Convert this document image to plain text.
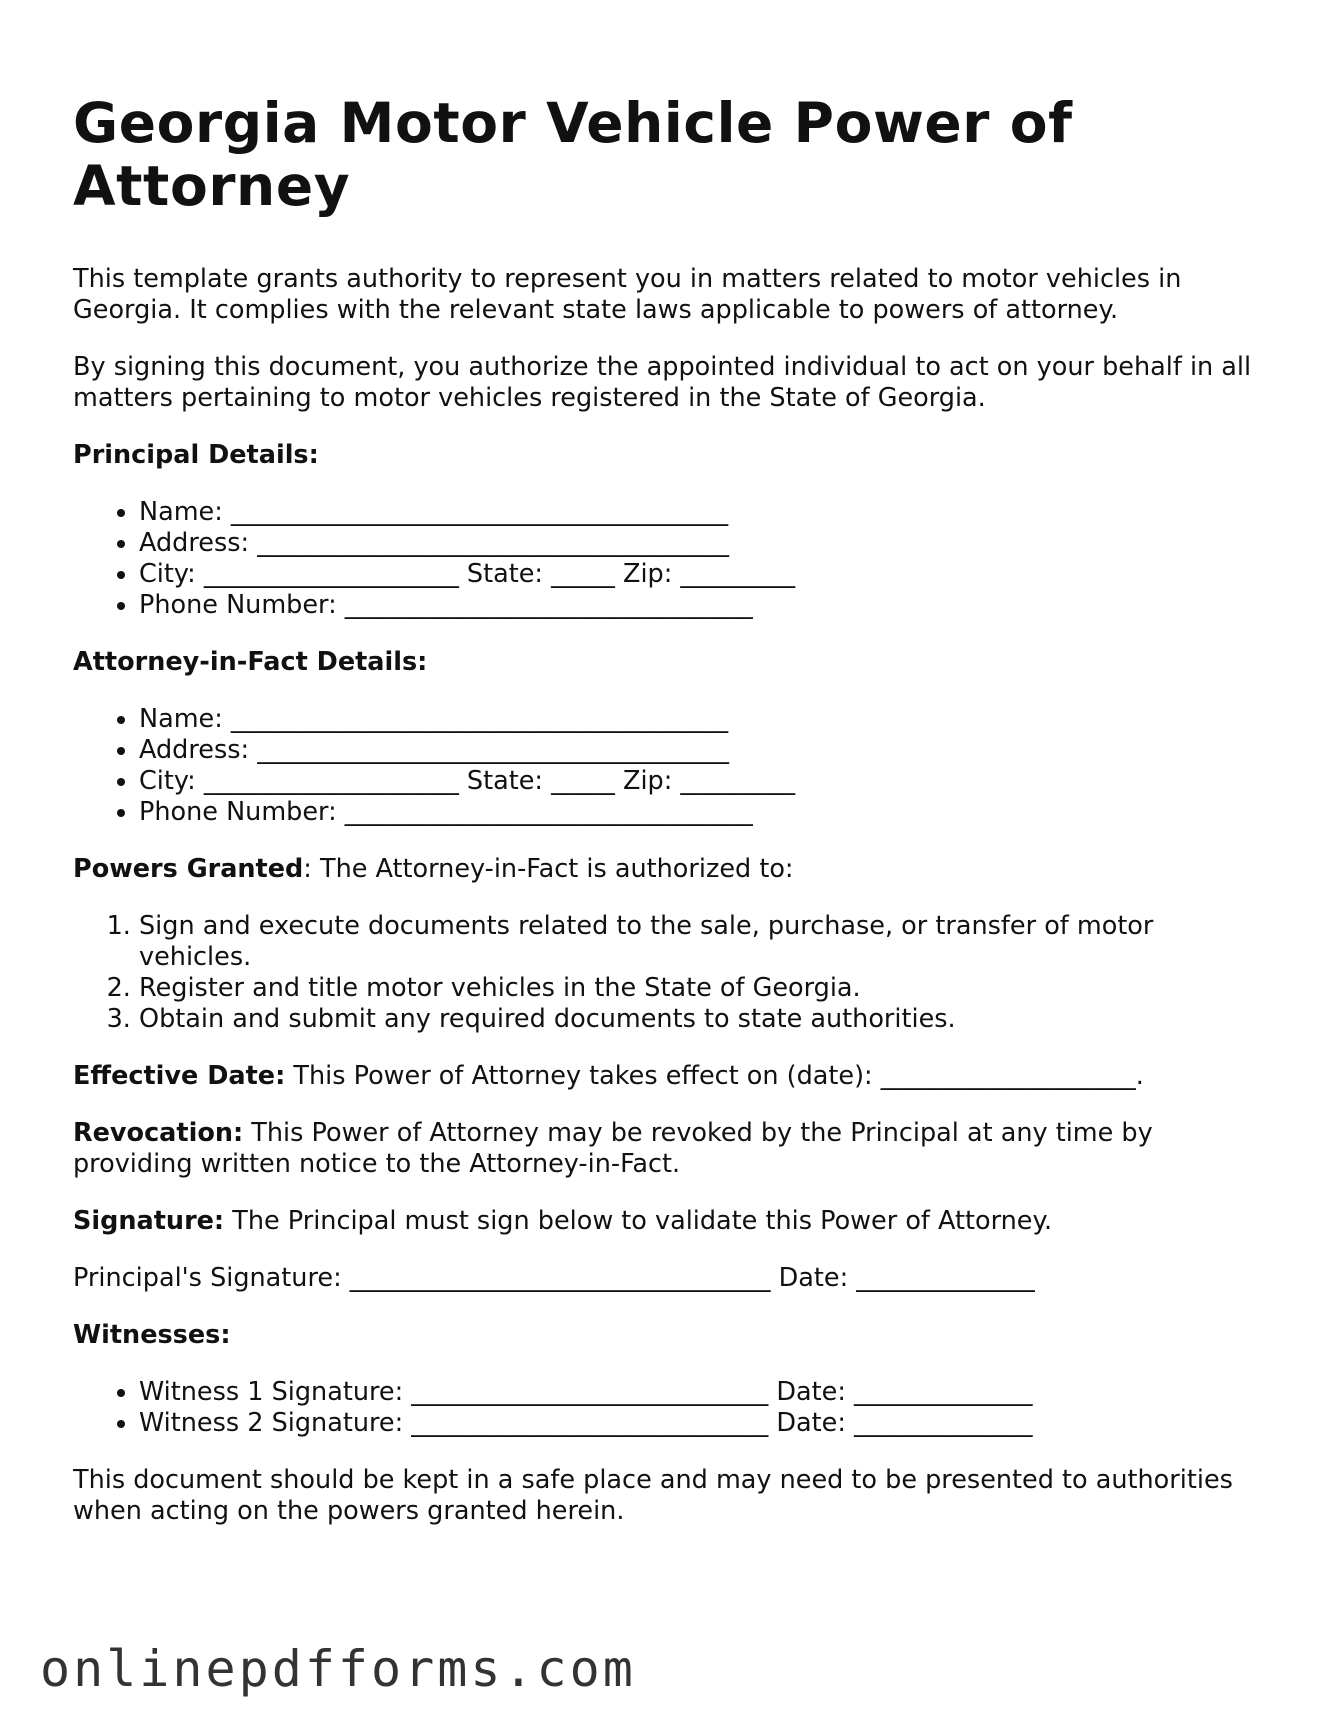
Georgia Motor Vehicle Power of Attorney

This template grants authority to represent you in matters related to motor vehicles in Georgia. It complies with the relevant state laws applicable to powers of attorney.

By signing this document, you authorize the appointed individual to act on your behalf in all matters pertaining to motor vehicles registered in the State of Georgia.

Principal Details:

• Name: _______________________________________
• Address: _____________________________________
• City: ____________________ State: _____ Zip: _________
• Phone Number: ________________________________

Attorney-in-Fact Details:

• Name: _______________________________________
• Address: _____________________________________
• City: ____________________ State: _____ Zip: _________
• Phone Number: ________________________________

Powers Granted: The Attorney-in-Fact is authorized to:

1. Sign and execute documents related to the sale, purchase, or transfer of motor vehicles.
2. Register and title motor vehicles in the State of Georgia.
3. Obtain and submit any required documents to state authorities.

Effective Date: This Power of Attorney takes effect on (date): ____________________.

Revocation: This Power of Attorney may be revoked by the Principal at any time by providing written notice to the Attorney-in-Fact.

Signature: The Principal must sign below to validate this Power of Attorney.

Principal's Signature: _________________________________ Date: ______________

Witnesses:

• Witness 1 Signature: ____________________________ Date: ______________
• Witness 2 Signature: ____________________________ Date: ______________

This document should be kept in a safe place and may need to be presented to authorities when acting on the powers granted herein.

onlinepdfforms.com
